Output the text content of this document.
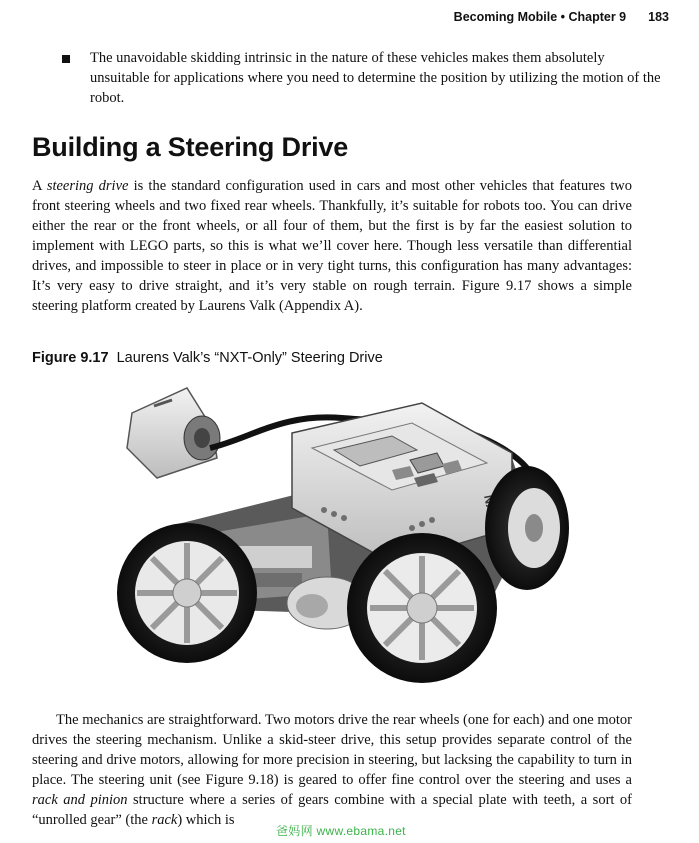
Becoming Mobile • Chapter 9 183
The unavoidable skidding intrinsic in the nature of these vehicles makes them absolutely unsuitable for applications where you need to determine the position by utilizing the motion of the robot.
Building a Steering Drive
A steering drive is the standard configuration used in cars and most other vehicles that features two front steering wheels and two fixed rear wheels. Thankfully, it’s suitable for robots too. You can drive either the rear or the front wheels, or all four of them, but the first is by far the easiest solution to implement with LEGO parts, so this is what we’ll cover here. Though less versatile than differential drives, and impossible to steer in place or in very tight turns, this configuration has many advantages: It’s very easy to drive straight, and it’s very stable on rough terrain. Figure 9.17 shows a simple steering platform created by Laurens Valk (Appendix A).
Figure 9.17 Laurens Valk’s “NXT-Only” Steering Drive
The mechanics are straightforward. Two motors drive the rear wheels (one for each) and one motor drives the steering mechanism. Unlike a skid-steer drive, this setup provides separate control of the steering and drive motors, allowing for more precision in steering, but lacksing the capability to turn in place. The steering unit (see Figure 9.18) is geared to offer fine control over the steering and uses a rack and pinion structure where a series of gears combine with a special plate with teeth, a sort of “unrolled gear” (the rack) which is
爸妈网 www.ebama.net
